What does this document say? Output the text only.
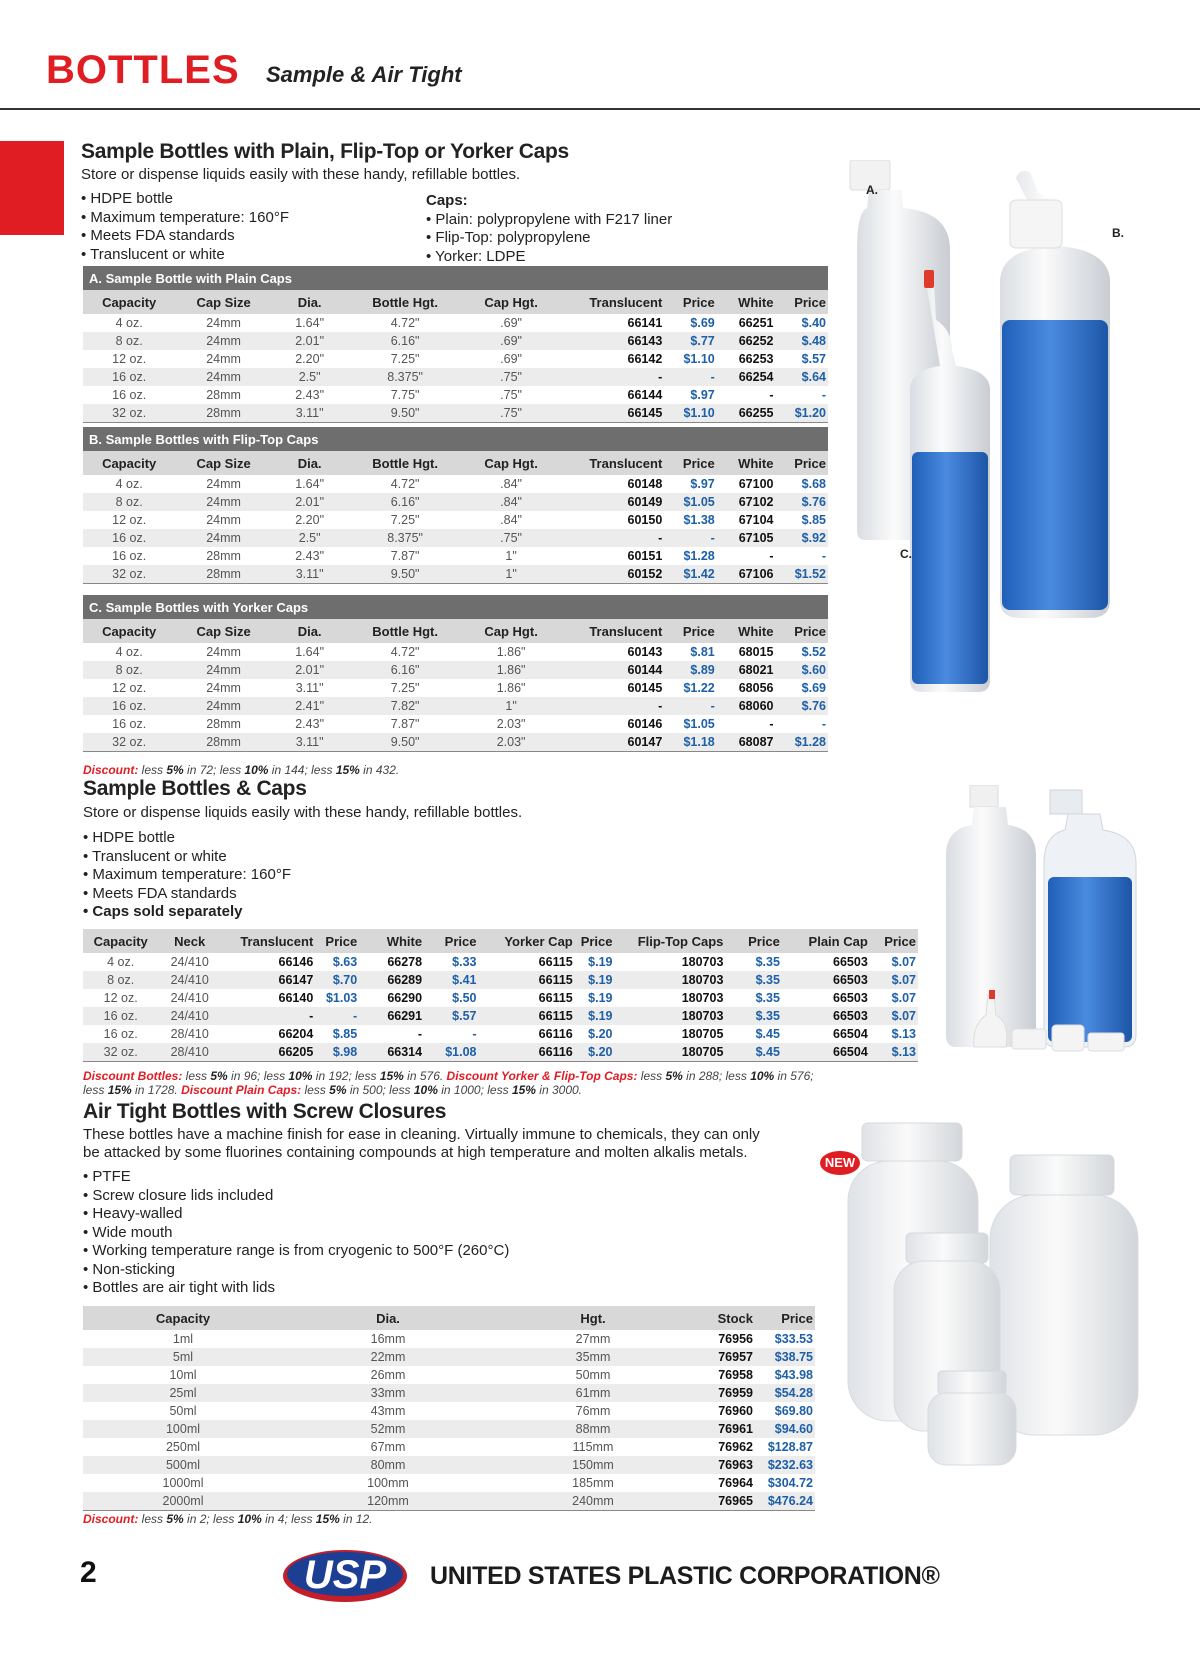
BOTTLES Sample & Air Tight
Sample Bottles with Plain, Flip-Top or Yorker Caps
Store or dispense liquids easily with these handy, refillable bottles.
• HDPE bottle
• Maximum temperature: 160°F
• Meets FDA standards
• Translucent or white
Caps:
• Plain: polypropylene with F217 liner
• Flip-Top: polypropylene
• Yorker: LDPE
A. Sample Bottle with Plain Caps								
Capacity	Cap Size	Dia.	Bottle Hgt.	Cap Hgt.	Translucent	Price	White	Price
4 oz.	24mm	1.64"	4.72"	.69"	66141	$.69	66251	$.40
8 oz.	24mm	2.01"	6.16"	.69"	66143	$.77	66252	$.48
12 oz.	24mm	2.20"	7.25"	.69"	66142	$1.10	66253	$.57
16 oz.	24mm	2.5"	8.375"	.75"	-	-	66254	$.64
16 oz.	28mm	2.43"	7.75"	.75"	66144	$.97	-	-
32 oz.	28mm	3.11"	9.50"	.75"	66145	$1.10	66255	$1.20
B. Sample Bottles with Flip-Top Caps								
Capacity	Cap Size	Dia.	Bottle Hgt.	Cap Hgt.	Translucent	Price	White	Price
4 oz.	24mm	1.64"	4.72"	.84"	60148	$.97	67100	$.68
8 oz.	24mm	2.01"	6.16"	.84"	60149	$1.05	67102	$.76
12 oz.	24mm	2.20"	7.25"	.84"	60150	$1.38	67104	$.85
16 oz.	24mm	2.5"	8.375"	.75"	-	-	67105	$.92
16 oz.	28mm	2.43"	7.87"	1"	60151	$1.28	-	-
32 oz.	28mm	3.11"	9.50"	1"	60152	$1.42	67106	$1.52
C. Sample Bottles with Yorker Caps								
Capacity	Cap Size	Dia.	Bottle Hgt.	Cap Hgt.	Translucent	Price	White	Price
4 oz.	24mm	1.64"	4.72"	1.86"	60143	$.81	68015	$.52
8 oz.	24mm	2.01"	6.16"	1.86"	60144	$.89	68021	$.60
12 oz.	24mm	3.11"	7.25"	1.86"	60145	$1.22	68056	$.69
16 oz.	24mm	2.41"	7.82"	1"	-	-	68060	$.76
16 oz.	28mm	2.43"	7.87"	2.03"	60146	$1.05	-	-
32 oz.	28mm	3.11"	9.50"	2.03"	60147	$1.18	68087	$1.28
Discount: less 5% in 72; less 10% in 144; less 15% in 432.
A.
B.
C.
Sample Bottles & Caps
Store or dispense liquids easily with these handy, refillable bottles.
• HDPE bottle
• Translucent or white
• Maximum temperature: 160°F
• Meets FDA standards
• Caps sold separately
Capacity	Neck	Translucent	Price	White	Price	Yorker Cap	Price	Flip-Top Caps	Price	Plain Cap	Price
4 oz.	24/410	66146	$.63	66278	$.33	66115	$.19	180703	$.35	66503	$.07
8 oz.	24/410	66147	$.70	66289	$.41	66115	$.19	180703	$.35	66503	$.07
12 oz.	24/410	66140	$1.03	66290	$.50	66115	$.19	180703	$.35	66503	$.07
16 oz.	24/410	-	-	66291	$.57	66115	$.19	180703	$.35	66503	$.07
16 oz.	28/410	66204	$.85	-	-	66116	$.20	180705	$.45	66504	$.13
32 oz.	28/410	66205	$.98	66314	$1.08	66116	$.20	180705	$.45	66504	$.13
Discount Bottles: less 5% in 96; less 10% in 192; less 15% in 576. Discount Yorker & Flip-Top Caps: less 5% in 288; less 10% in 576;
less 15% in 1728. Discount Plain Caps: less 5% in 500; less 10% in 1000; less 15% in 3000.
Air Tight Bottles with Screw Closures
These bottles have a machine finish for ease in cleaning. Virtually immune to chemicals, they can only
be attacked by some fluorines containing compounds at high temperature and molten alkalis metals.
• PTFE
• Screw closure lids included
• Heavy-walled
• Wide mouth
• Working temperature range is from cryogenic to 500°F (260°C)
• Non-sticking
• Bottles are air tight with lids
NEW
Capacity	Dia.	Hgt.	Stock	Price
1ml	16mm	27mm	76956	$33.53
5ml	22mm	35mm	76957	$38.75
10ml	26mm	50mm	76958	$43.98
25ml	33mm	61mm	76959	$54.28
50ml	43mm	76mm	76960	$69.80
100ml	52mm	88mm	76961	$94.60
250ml	67mm	115mm	76962	$128.87
500ml	80mm	150mm	76963	$232.63
1000ml	100mm	185mm	76964	$304.72
2000ml	120mm	240mm	76965	$476.24
Discount: less 5% in 2; less 10% in 4; less 15% in 12.
2	USP UNITED STATES PLASTIC CORPORATION®
